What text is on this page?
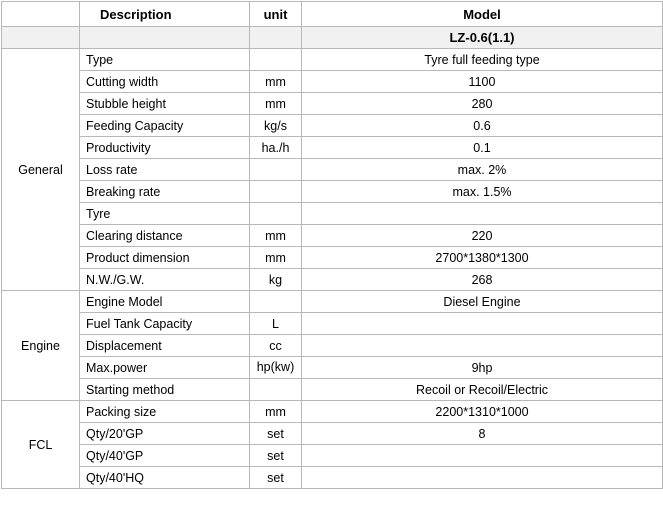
	Description	unit	Model
			LZ-0.6(1.1)
General	Type		Tyre full feeding type
	Cutting width	mm	1100
	Stubble height	mm	280
	Feeding Capacity	kg/s	0.6
	Productivity	ha./h	0.1
	Loss rate		max. 2%
	Breaking rate		max. 1.5%
	Tyre		
	Clearing distance	mm	220
	Product dimension	mm	2700*1380*1300
	N.W./G.W.	kg	268
Engine	Engine Model		Diesel Engine
	Fuel Tank Capacity	L	
	Displacement	cc	
	Max.power	hp(kw)	9hp
	Starting method		Recoil or Recoil/Electric
FCL	Packing size	mm	2200*1310*1000
	Qty/20'GP	set	8
	Qty/40'GP	set	
	Qty/40'HQ	set	
